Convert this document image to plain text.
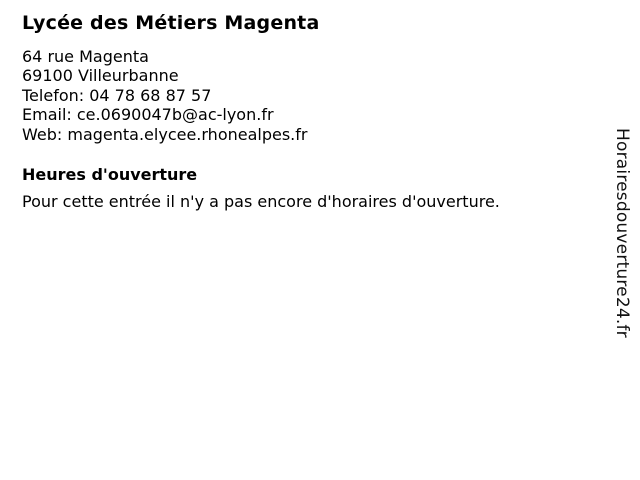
Lycée des Métiers Magenta
64 rue Magenta
69100 Villeurbanne
Telefon: 04 78 68 87 57
Email: ce.0690047b@ac-lyon.fr
Web: magenta.elycee.rhonealpes.fr
Heures d'ouverture

Pour cette entrée il n'y a pas encore d'horaires d'ouverture.	Horairesdouverture24.fr
